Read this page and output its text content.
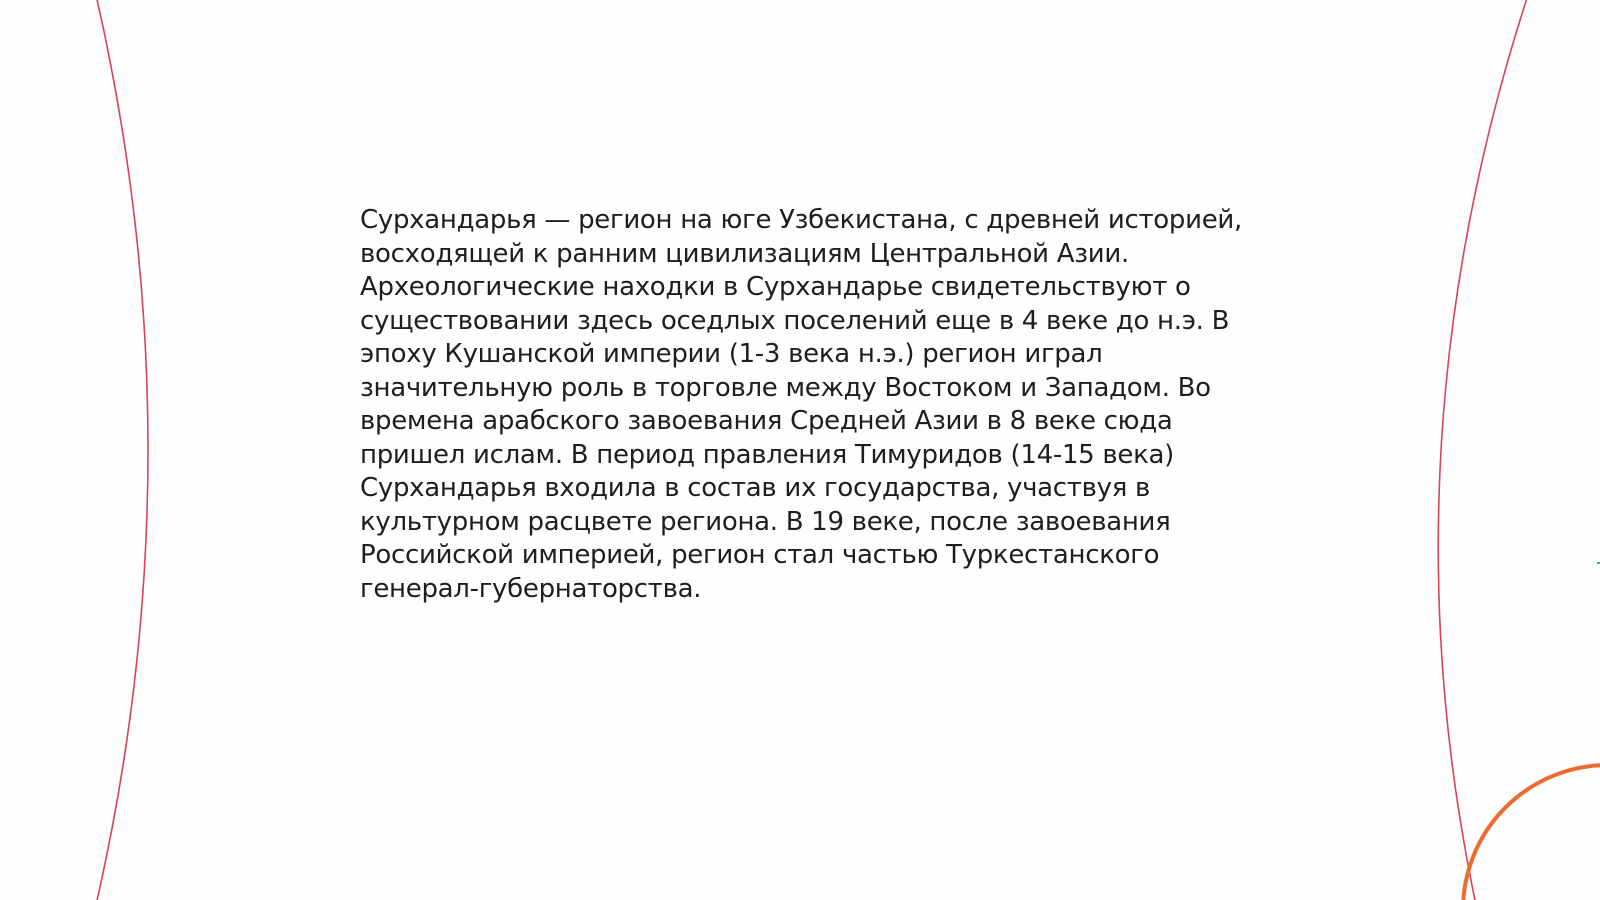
Сурхандарья — регион на юге Узбекистана, с древней историей, восходящей к ранним цивилизациям Центральной Азии. Археологические находки в Сурхандарье свидетельствуют о существовании здесь оседлых поселений еще в 4 веке до н.э. В эпоху Кушанской империи (1-3 века н.э.) регион играл значительную роль в торговле между Востоком и Западом. Во времена арабского завоевания Средней Азии в 8 веке сюда пришел ислам. В период правления Тимуридов (14-15 века) Сурхандарья входила в состав их государства, участвуя в культурном расцвете региона. В 19 веке, после завоевания Российской империей, регион стал частью Туркестанского генерал-губернаторства.
